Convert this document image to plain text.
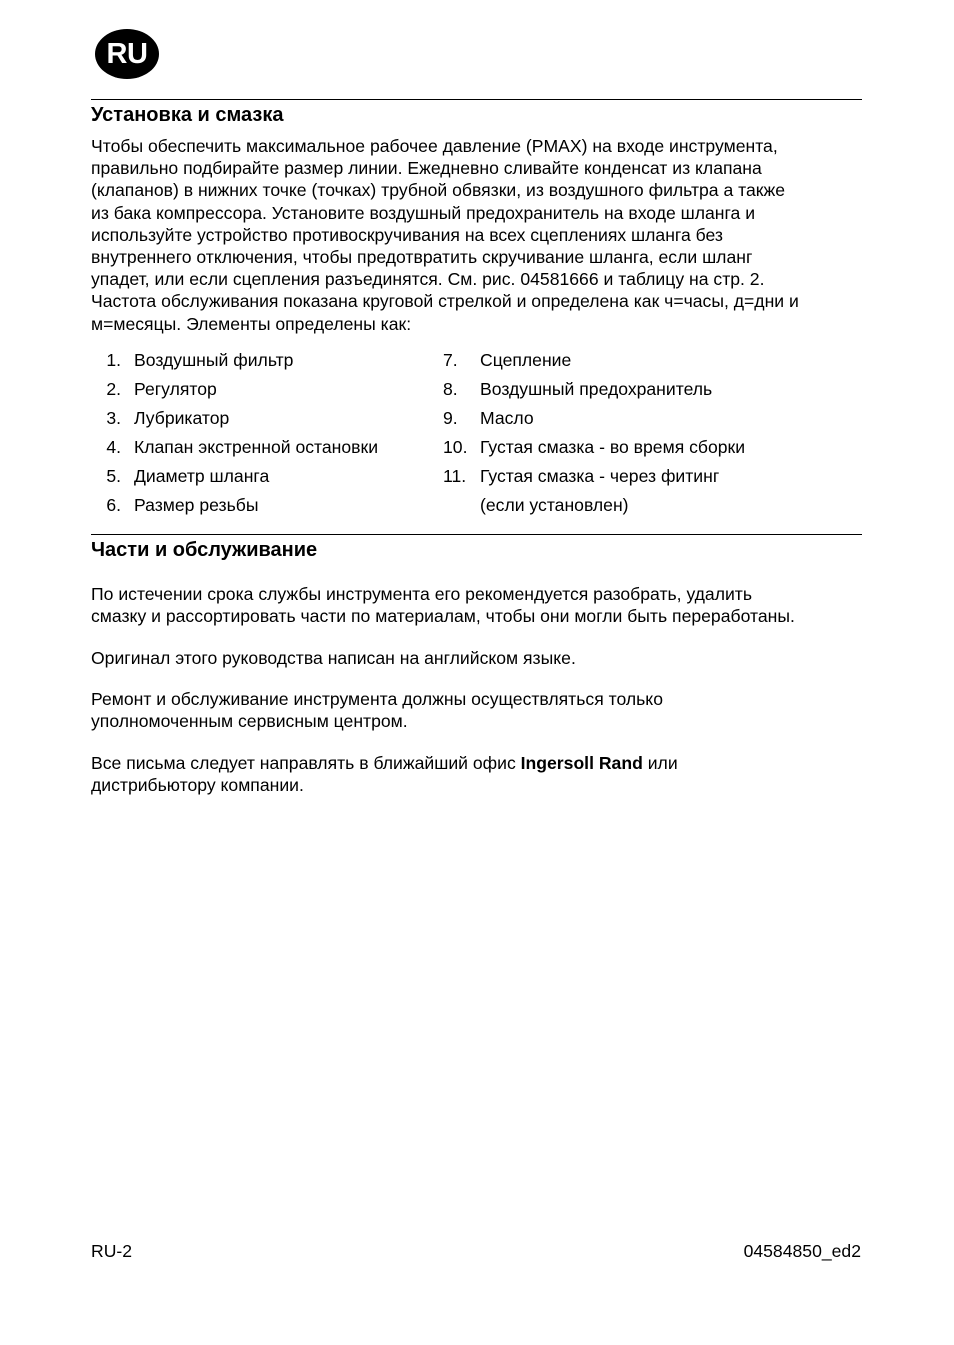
RU
Установка и смазка

Чтобы обеспечить максимальное рабочее давление (PMAX) на входе инструмента,
правильно подбирайте размер линии. Ежедневно сливайте конденсат из клапана
(клапанов) в нижних точке (точках) трубной обвязки, из воздушного фильтра а также
из бака компрессора. Установите воздушный предохранитель на входе шланга и
используйте устройство противоскручивания на всех сцеплениях шланга без
внутреннего отключения, чтобы предотвратить скручивание шланга, если шланг
упадет, или если сцепления разъединятся. См. рис. 04581666 и таблицу на стр. 2.
Частота обслуживания показана круговой стрелкой и определена как ч=часы, д=дни и
м=месяцы. Элементы определены как:

1. Воздушный фильтр
2. Регулятор
3. Лубрикатор
4. Клапан экстренной остановки
5. Диаметр шланга
6. Размер резьбы
7. Сцепление
8. Воздушный предохранитель
9. Масло
10. Густая смазка - во время сборки
11. Густая смазка - через фитинг
(если установлен)
Части и обслуживание

По истечении срока службы инструмента его рекомендуется разобрать, удалить
смазку и рассортировать части по материалам, чтобы они могли быть переработаны.

Оригинал этого руководства написан на английском языке.

Ремонт и обслуживание инструмента должны осуществляться только
уполномоченным сервисным центром.

Все письма следует направлять в ближайший офис Ingersoll Rand или
дистрибьютору компании.

RU-2	04584850_ed2
